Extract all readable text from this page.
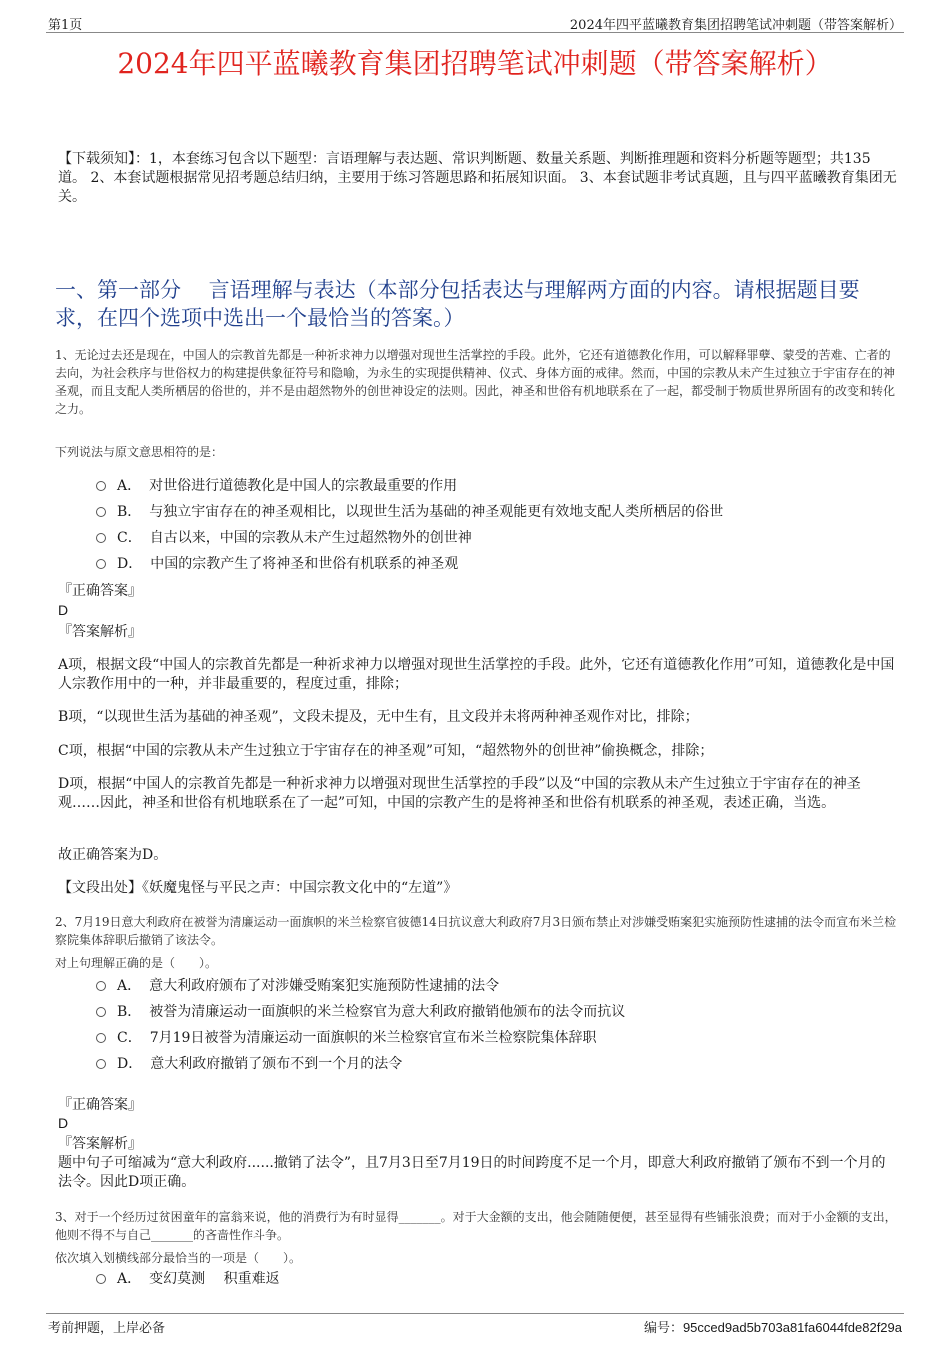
第1页	2024年四平蓝曦教育集团招聘笔试冲刺题（带答案解析）
2024年四平蓝曦教育集团招聘笔试冲刺题（带答案解析）
【下载须知】：1，本套练习包含以下题型：言语理解与表达题、常识判断题、数量关系题、判断推理题和资料分析题等题型；共135道。 2、本套试题根据常见招考题总结归纳，主要用于练习答题思路和拓展知识面。 3、本套试题非考试真题，且与四平蓝曦教育集团无关。
一、第一部分　 言语理解与表达（本部分包括表达与理解两方面的内容。请根据题目要求，在四个选项中选出一个最恰当的答案。）
1、无论过去还是现在，中国人的宗教首先都是一种祈求神力以增强对现世生活掌控的手段。此外，它还有道德教化作用，可以解释罪孽、蒙受的苦难、亡者的去向，为社会秩序与世俗权力的构建提供象征符号和隐喻，为永生的实现提供精神、仪式、身体方面的戒律。然而，中国的宗教从未产生过独立于宇宙存在的神圣观，而且支配人类所栖居的俗世的，并不是由超然物外的创世神设定的法则。因此，神圣和世俗有机地联系在了一起，都受制于物质世界所固有的改变和转化之力。
下列说法与原文意思相符的是：
A． 对世俗进行道德教化是中国人的宗教最重要的作用
B． 与独立宇宙存在的神圣观相比，以现世生活为基础的神圣观能更有效地支配人类所栖居的俗世
C． 自古以来，中国的宗教从未产生过超然物外的创世神
D． 中国的宗教产生了将神圣和世俗有机联系的神圣观
『正确答案』
D
『答案解析』
A项，根据文段“中国人的宗教首先都是一种祈求神力以增强对现世生活掌控的手段。此外，它还有道德教化作用”可知，道德教化是中国人宗教作用中的一种，并非最重要的，程度过重，排除；
B项，“以现世生活为基础的神圣观”，文段未提及，无中生有，且文段并未将两种神圣观作对比，排除；
C项，根据“中国的宗教从未产生过独立于宇宙存在的神圣观”可知，“超然物外的创世神”偷换概念，排除；
D项，根据“中国人的宗教首先都是一种祈求神力以增强对现世生活掌控的手段”以及“中国的宗教从未产生过独立于宇宙存在的神圣观……因此，神圣和世俗有机地联系在了一起”可知，中国的宗教产生的是将神圣和世俗有机联系的神圣观，表述正确，当选。
故正确答案为D。
【文段出处】《妖魔鬼怪与平民之声：中国宗教文化中的“左道”》
2、7月19日意大利政府在被誉为清廉运动一面旗帜的米兰检察官彼德14日抗议意大利政府7月3日颁布禁止对涉嫌受贿案犯实施预防性逮捕的法令而宣布米兰检察院集体辞职后撤销了该法令。
对上句理解正确的是（　　）。
A． 意大利政府颁布了对涉嫌受贿案犯实施预防性逮捕的法令
B． 被誉为清廉运动一面旗帜的米兰检察官为意大利政府撤销他颁布的法令而抗议
C． 7月19日被誉为清廉运动一面旗帜的米兰检察官宣布米兰检察院集体辞职
D． 意大利政府撤销了颁布不到一个月的法令
『正确答案』
D
『答案解析』
题中句子可缩减为“意大利政府......撤销了法令”，且7月3日至7月19日的时间跨度不足一个月，即意大利政府撤销了颁布不到一个月的法令。因此D项正确。
3、对于一个经历过贫困童年的富翁来说，他的消费行为有时显得_______。对于大金额的支出，他会随随便便，甚至显得有些铺张浪费；而对于小金额的支出，他则不得不与自己_______的吝啬性作斗争。
依次填入划横线部分最恰当的一项是（　　）。
A． 变幻莫测　 积重难返
考前押题，上岸必备	编号：95cced9ad5b703a81fa6044fde82f29a
